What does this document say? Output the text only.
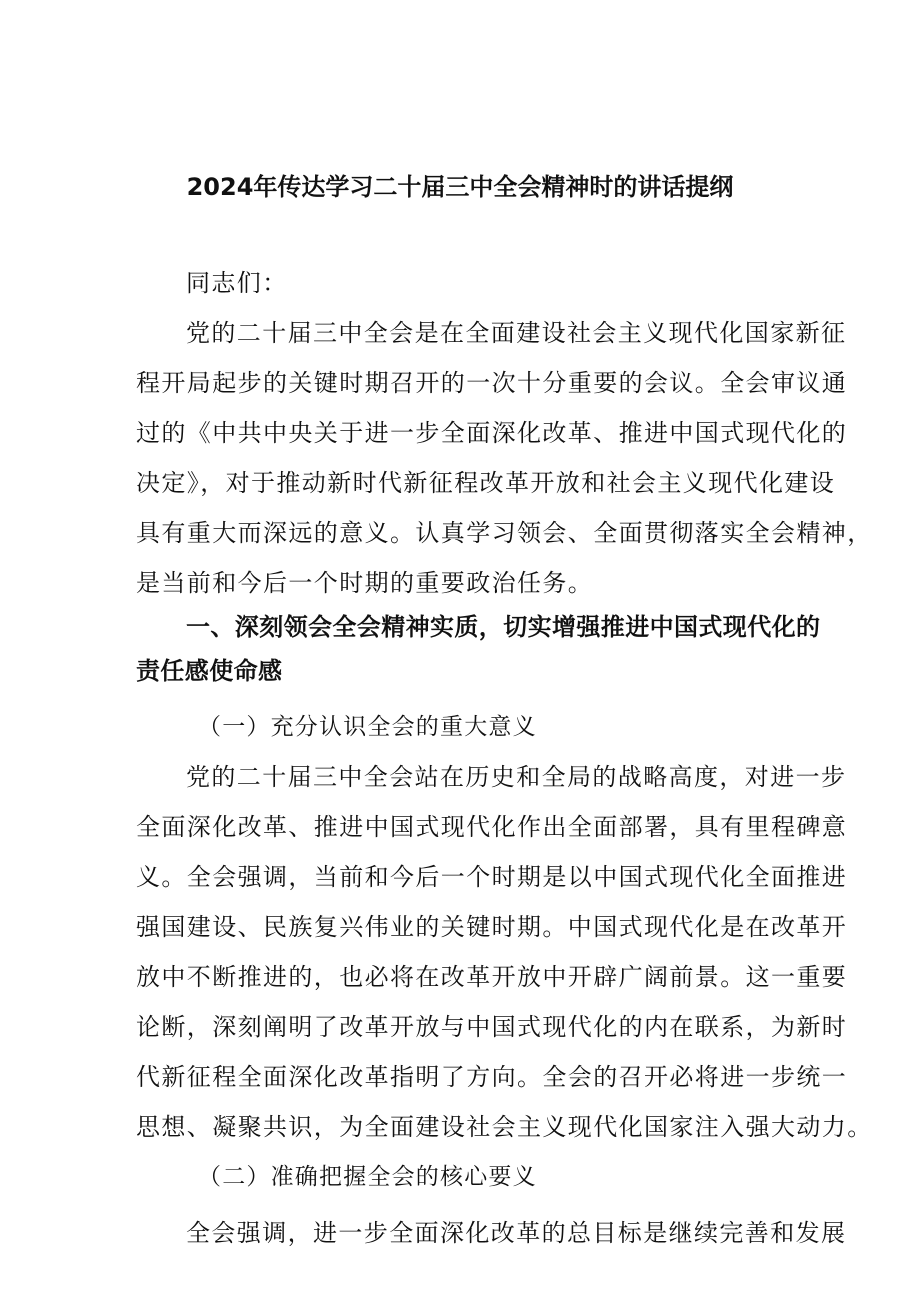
2024年传达学习二十届三中全会精神时的讲话提纲
同志们：
党的二十届三中全会是在全面建设社会主义现代化国家新征
程开局起步的关键时期召开的一次十分重要的会议。全会审议通
过的《中共中央关于进一步全面深化改革、推进中国式现代化的
决定》，对于推动新时代新征程改革开放和社会主义现代化建设
具有重大而深远的意义。认真学习领会、全面贯彻落实全会精神，
是当前和今后一个时期的重要政治任务。
一、深刻领会全会精神实质，切实增强推进中国式现代化的
责任感使命感
（一）充分认识全会的重大意义
党的二十届三中全会站在历史和全局的战略高度，对进一步
全面深化改革、推进中国式现代化作出全面部署，具有里程碑意
义。全会强调，当前和今后一个时期是以中国式现代化全面推进
强国建设、民族复兴伟业的关键时期。中国式现代化是在改革开
放中不断推进的，也必将在改革开放中开辟广阔前景。这一重要
论断，深刻阐明了改革开放与中国式现代化的内在联系，为新时
代新征程全面深化改革指明了方向。全会的召开必将进一步统一
思想、凝聚共识，为全面建设社会主义现代化国家注入强大动力。
（二）准确把握全会的核心要义
全会强调，进一步全面深化改革的总目标是继续完善和发展
